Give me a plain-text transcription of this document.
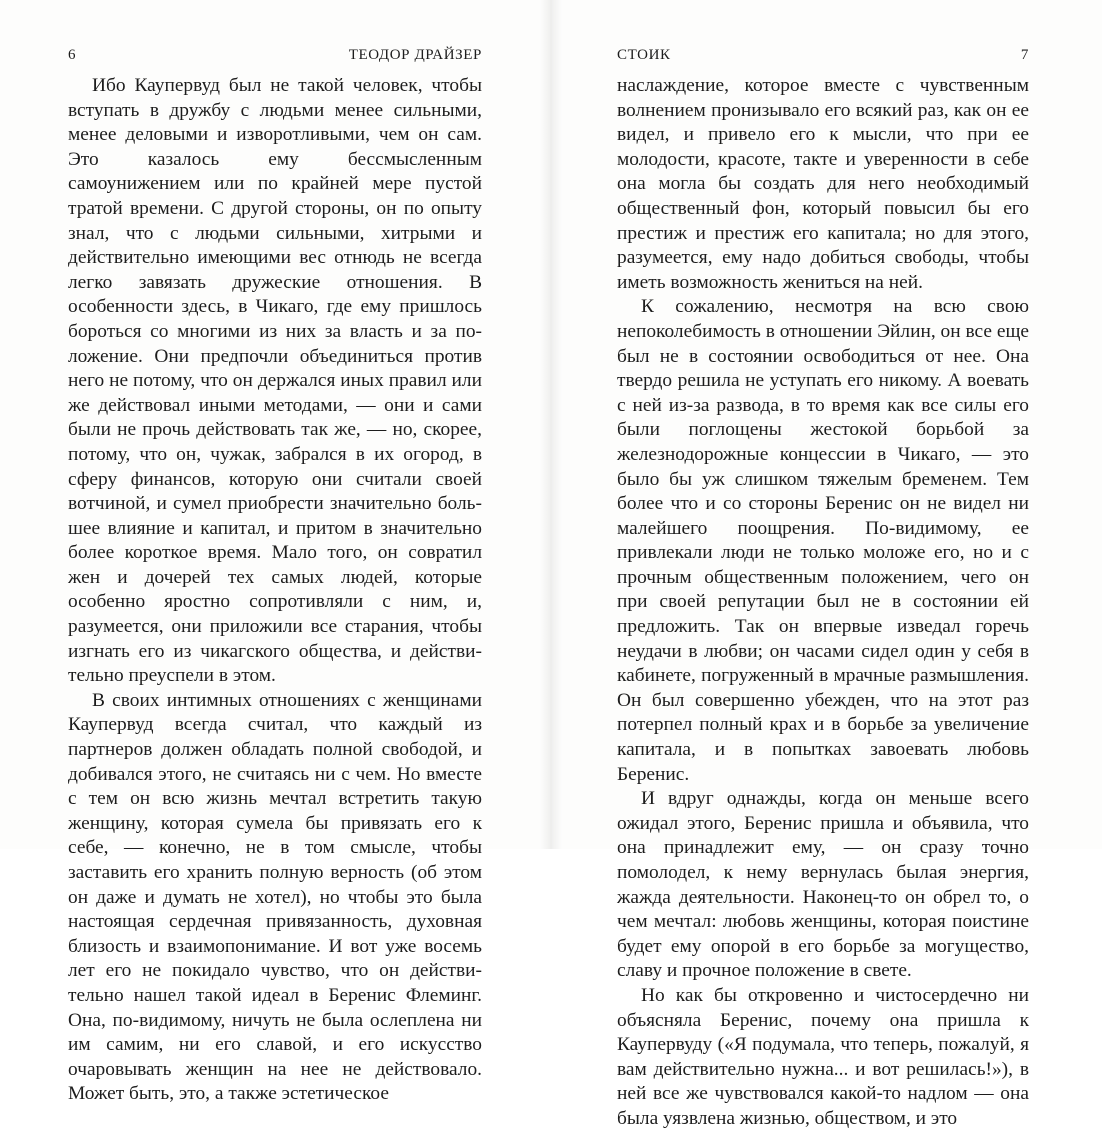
6	ТЕОДОР ДРАЙЗЕР

Ибо Каупервуд был не такой человек, чтобы вступать в дружбу с людьми менее сильными, менее деловыми и изворотливыми, чем он сам. Это казалось ему бессмысленным самоунижением или по крайней мере пустой тратой времени. С другой стороны, он по опыту знал, что с людьми сильными, хитрыми и действительно имеющими вес отнюдь не всегда легко завязать дружеские отношения. В особенности здесь, в Чикаго, где ему пришлось бороться со многими из них за власть и за положение. Они предпочли объединиться против него не потому, что он держался иных правил или же действовал иными методами, — они и сами были не прочь действовать так же, — но, скорее, потому, что он, чужак, забрался в их огород, в сферу финансов, которую они считали своей вотчиной, и сумел приобрести значительно большее влияние и капитал, и притом в значительно более короткое время. Мало того, он совратил жен и дочерей тех самых людей, которые особенно яростно сопротивляли с ним, и, разумеется, они приложили все старания, чтобы изгнать его из чикагского общества, и действительно преуспели в этом.

В своих интимных отношениях с женщинами Каупервуд всегда считал, что каждый из партнеров должен обладать полной свободой, и добивался этого, не считаясь ни с чем. Но вместе с тем он всю жизнь мечтал встретить такую женщину, которая сумела бы привязать его к себе, — конечно, не в том смысле, чтобы заставить его хранить полную верность (об этом он даже и думать не хотел), но чтобы это была настоящая сердечная привязанность, духовная близость и взаимопонимание. И вот уже восемь лет его не покидало чувство, что он действительно нашел такой идеал в Беренис Флеминг. Она, по-видимому, ничуть не была ослеплена ни им самим, ни его славой, и его искусство очаровывать женщин на нее не действовало. Может быть, это, а также эстетическое

СТОИК	7

наслаждение, которое вместе с чувственным волнением пронизывало его всякий раз, как он ее видел, и привело его к мысли, что при ее молодости, красоте, такте и уверенности в себе она могла бы создать для него необходимый общественный фон, который повысил бы его престиж и престиж его капитала; но для этого, разумеется, ему надо добиться свободы, чтобы иметь возможность жениться на ней.

К сожалению, несмотря на всю свою непоколебимость в отношении Эйлин, он все еще был не в состоянии освободиться от нее. Она твердо решила не уступать его никому. А воевать с ней из-за развода, в то время как все силы его были поглощены жестокой борьбой за железнодорожные концессии в Чикаго, — это было бы уж слишком тяжелым бременем. Тем более что и со стороны Беренис он не видел ни малейшего поощрения. По-видимому, ее привлекали люди не только моложе его, но и с прочным общественным положением, чего он при своей репутации был не в состоянии ей предложить. Так он впервые изведал горечь неудачи в любви; он часами сидел один у себя в кабинете, погруженный в мрачные размышления. Он был совершенно убежден, что на этот раз потерпел полный крах и в борьбе за увеличение капитала, и в попытках завоевать любовь Беренис.

И вдруг однажды, когда он меньше всего ожидал этого, Беренис пришла и объявила, что она принадлежит ему, — он сразу точно помолодел, к нему вернулась былая энергия, жажда деятельности. Наконец-то он обрел то, о чем мечтал: любовь женщины, которая поистине будет ему опорой в его борьбе за могущество, славу и прочное положение в свете.

Но как бы откровенно и чистосердечно ни объясняла Беренис, почему она пришла к Каупервуду («Я подумала, что теперь, пожалуй, я вам действительно нужна... и вот решилась!»), в ней все же чувствовался какой-то надлом — она была уязвлена жизнью, обществом, и это
